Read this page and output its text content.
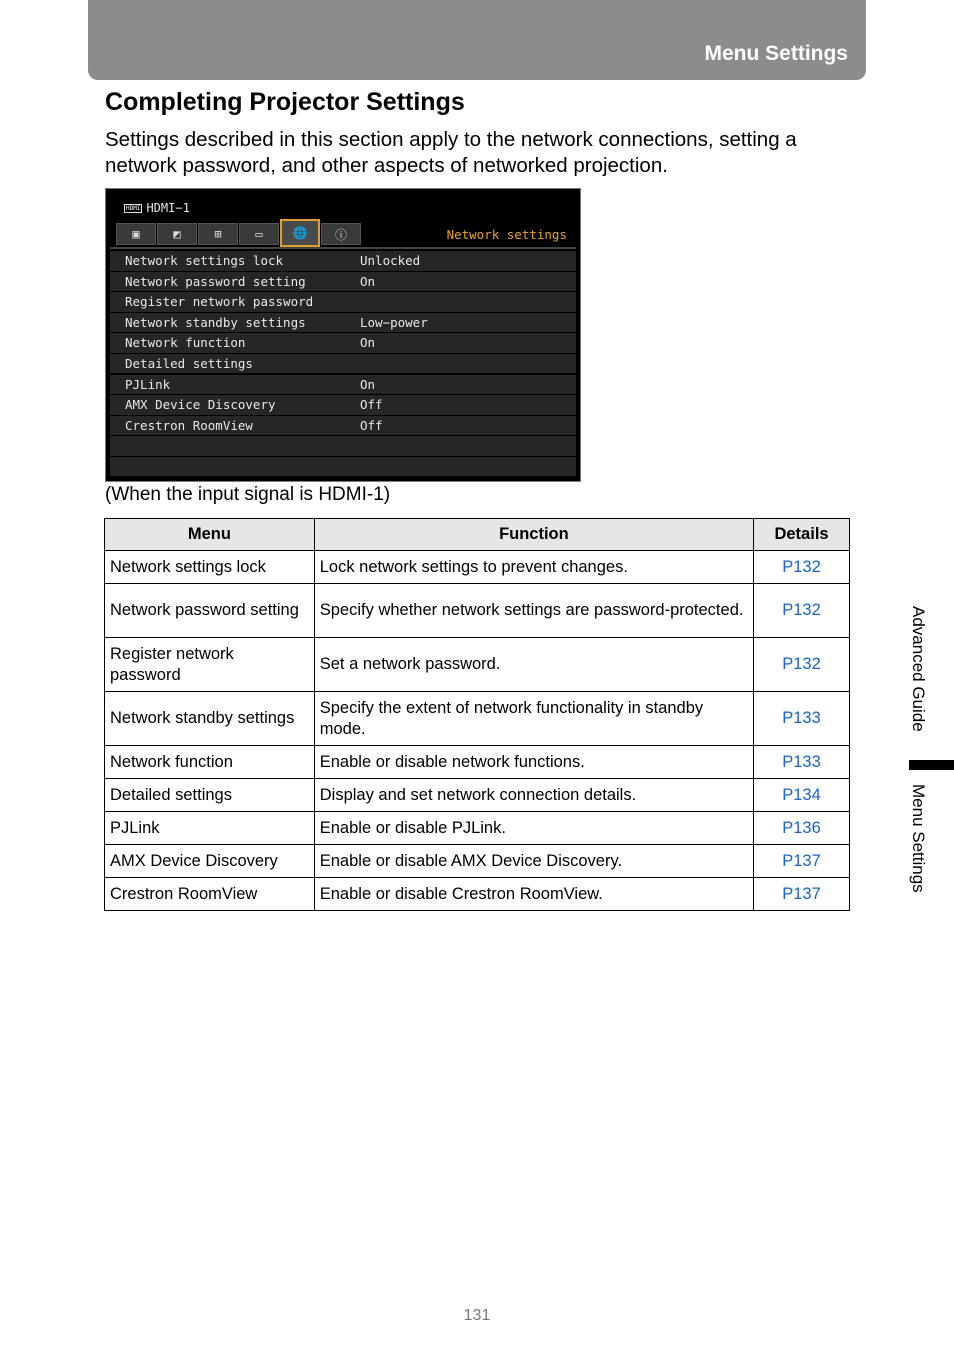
Menu Settings
Completing Projector Settings
Settings described in this section apply to the network connections, setting a network password, and other aspects of networked projection.
HDMI HDMI−1
▣	◩	⊞	▭	🌐	ⓘ	Network settings
Network settings lock	Unlocked
Network password setting	On
Register network password
Network standby settings	Low−power
Network function	On
Detailed settings
PJLink	On
AMX Device Discovery	Off
Crestron RoomView	Off
(When the input signal is HDMI-1)
Menu	Function	Details
Network settings lock	Lock network settings to prevent changes.	P132
Network password setting	Specify whether network settings are password-protected.	P132
Register network password	Set a network password.	P132
Network standby settings	Specify the extent of network functionality in standby mode.	P133
Network function	Enable or disable network functions.	P133
Detailed settings	Display and set network connection details.	P134
PJLink	Enable or disable PJLink.	P136
AMX Device Discovery	Enable or disable AMX Device Discovery.	P137
Crestron RoomView	Enable or disable Crestron RoomView.	P137
Advanced Guide
Menu Settings
131
